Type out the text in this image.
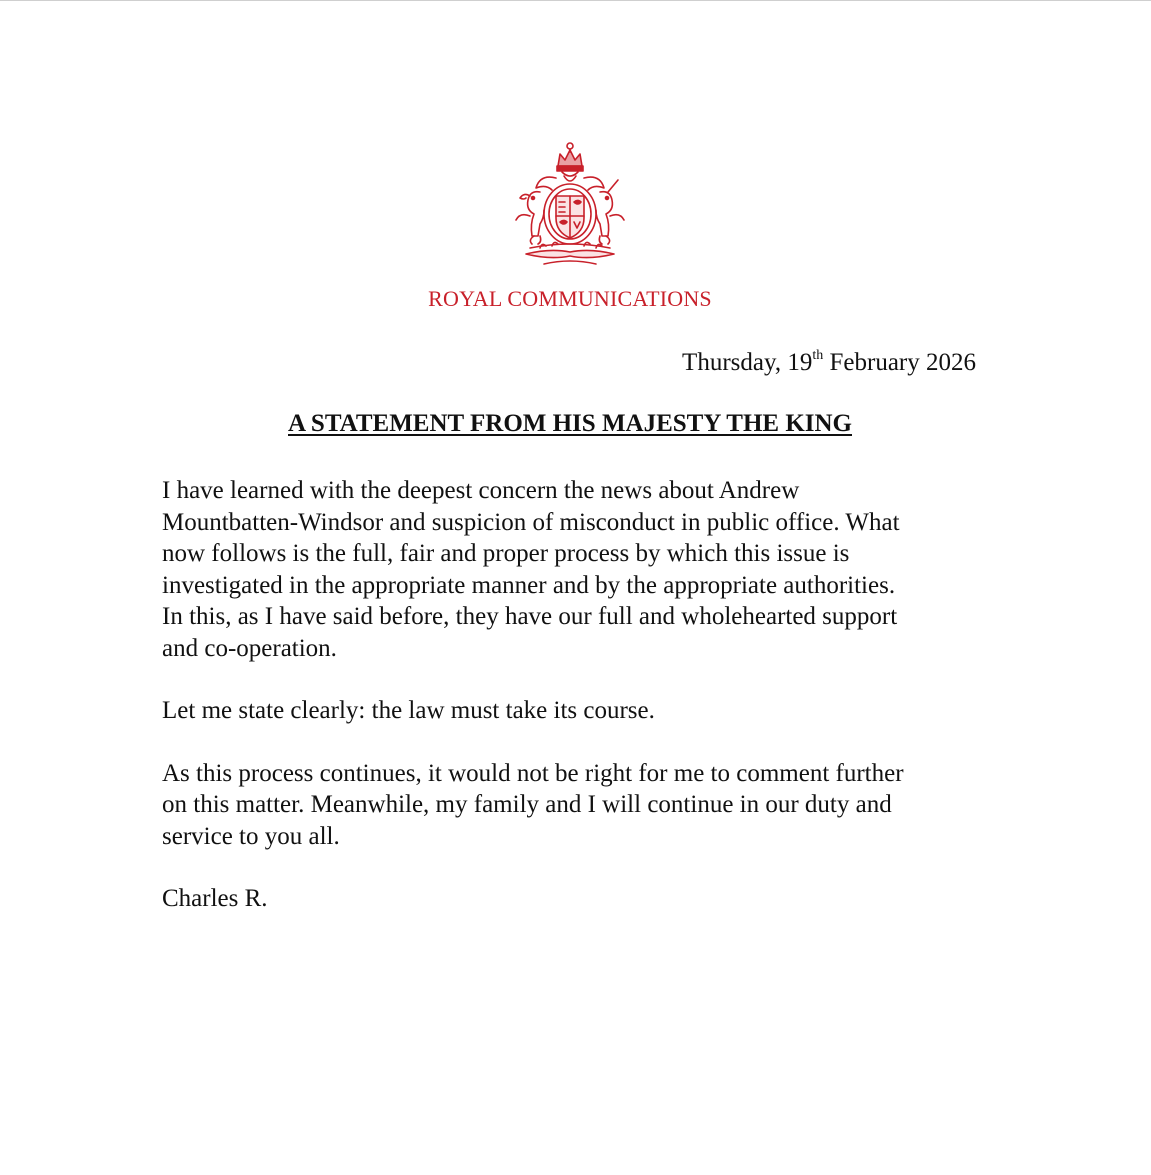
ROYAL COMMUNICATIONS
Thursday, 19th February 2026
A STATEMENT FROM HIS MAJESTY THE KING

I have learned with the deepest concern the news about Andrew
Mountbatten-Windsor and suspicion of misconduct in public office. What
now follows is the full, fair and proper process by which this issue is
investigated in the appropriate manner and by the appropriate authorities.
In this, as I have said before, they have our full and wholehearted support
and co-operation.

Let me state clearly: the law must take its course.

As this process continues, it would not be right for me to comment further
on this matter. Meanwhile, my family and I will continue in our duty and
service to you all.

Charles R.
